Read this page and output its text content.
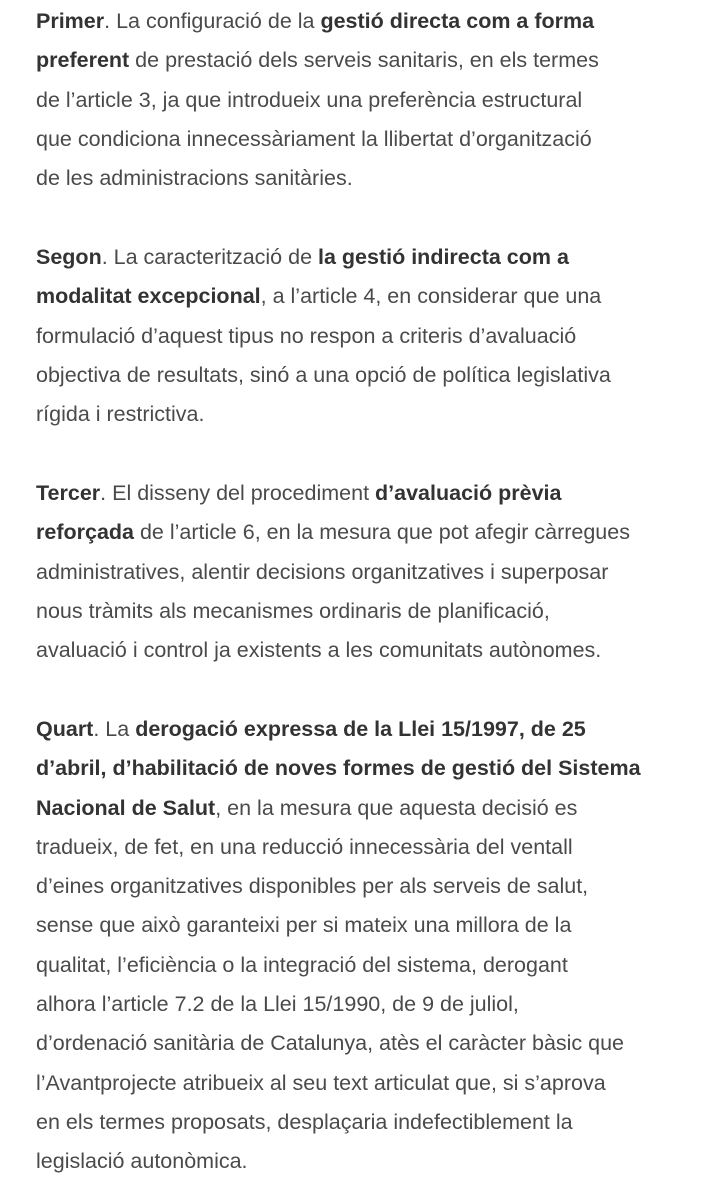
Primer. La configuració de la gestió directa com a forma
preferent de prestació dels serveis sanitaris, en els termes
de l’article 3, ja que introdueix una preferència estructural
que condiciona innecessàriament la llibertat d’organització
de les administracions sanitàries.
Segon. La caracterització de la gestió indirecta com a
modalitat excepcional, a l’article 4, en considerar que una
formulació d’aquest tipus no respon a criteris d’avaluació
objectiva de resultats, sinó a una opció de política legislativa
rígida i restrictiva.
Tercer. El disseny del procediment d’avaluació prèvia
reforçada de l’article 6, en la mesura que pot afegir càrregues
administratives, alentir decisions organitzatives i superposar
nous tràmits als mecanismes ordinaris de planificació,
avaluació i control ja existents a les comunitats autònomes.
Quart. La derogació expressa de la Llei 15/1997, de 25
d’abril, d’habilitació de noves formes de gestió del Sistema
Nacional de Salut, en la mesura que aquesta decisió es
tradueix, de fet, en una reducció innecessària del ventall
d’eines organitzatives disponibles per als serveis de salut,
sense que això garanteixi per si mateix una millora de la
qualitat, l’eficiència o la integració del sistema, derogant
alhora l’article 7.2 de la Llei 15/1990, de 9 de juliol,
d’ordenació sanitària de Catalunya, atès el caràcter bàsic que
l’Avantprojecte atribueix al seu text articulat que, si s’aprova
en els termes proposats, desplaçaria indefectiblement la
legislació autonòmica.
